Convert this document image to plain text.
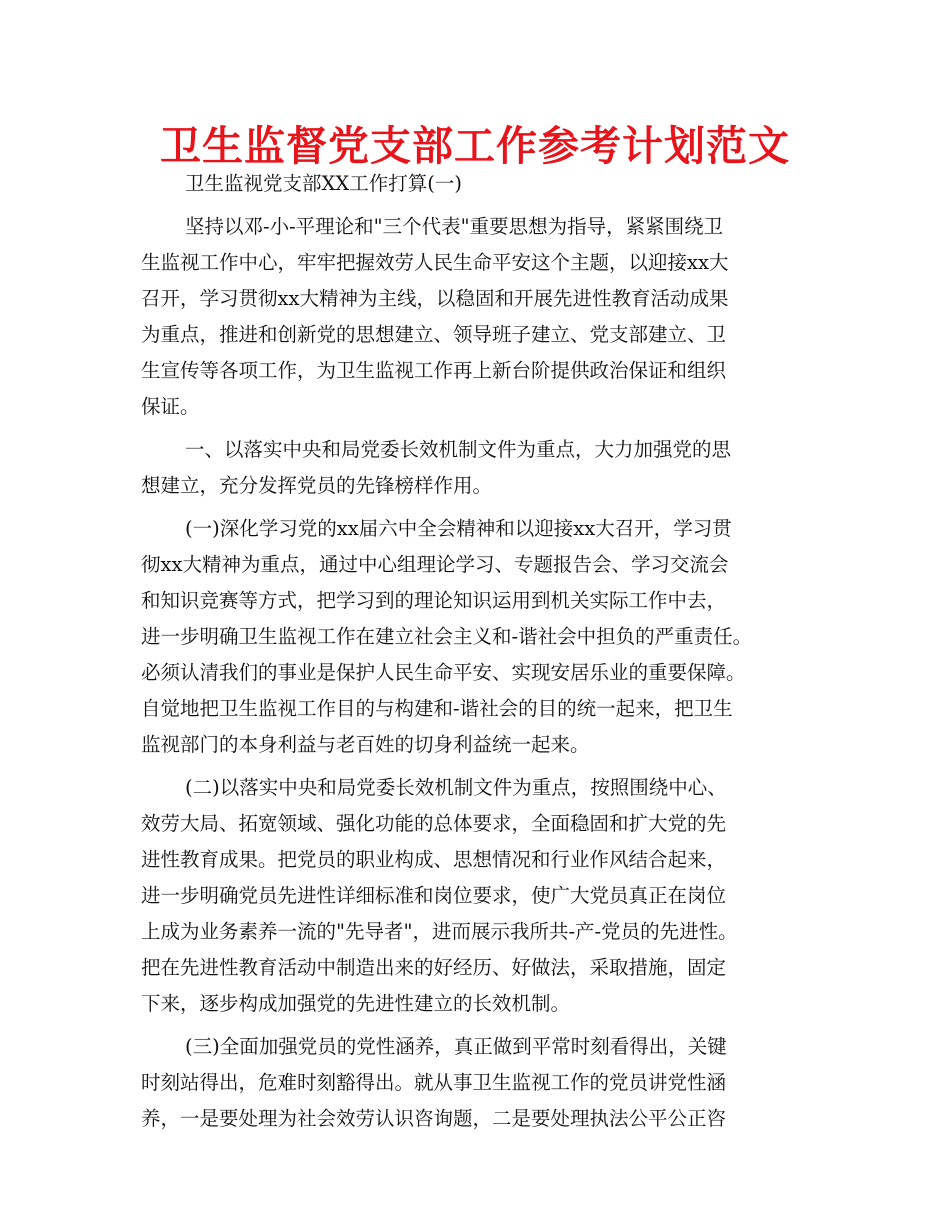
卫生监督党支部工作参考计划范文
卫生监视党支部XX工作打算(一)
坚持以邓-小-平理论和"三个代表"重要思想为指导，紧紧围绕卫
生监视工作中心，牢牢把握效劳人民生命平安这个主题，以迎接xx大
召开，学习贯彻xx大精神为主线，以稳固和开展先进性教育活动成果
为重点，推进和创新党的思想建立、领导班子建立、党支部建立、卫
生宣传等各项工作，为卫生监视工作再上新台阶提供政治保证和组织
保证。
一、以落实中央和局党委长效机制文件为重点，大力加强党的思
想建立，充分发挥党员的先锋榜样作用。
(一)深化学习党的xx届六中全会精神和以迎接xx大召开，学习贯
彻xx大精神为重点，通过中心组理论学习、专题报告会、学习交流会
和知识竞赛等方式，把学习到的理论知识运用到机关实际工作中去，
进一步明确卫生监视工作在建立社会主义和-谐社会中担负的严重责任。
必须认清我们的事业是保护人民生命平安、实现安居乐业的重要保障。
自觉地把卫生监视工作目的与构建和-谐社会的目的统一起来，把卫生
监视部门的本身利益与老百姓的切身利益统一起来。
(二)以落实中央和局党委长效机制文件为重点，按照围绕中心、
效劳大局、拓宽领域、强化功能的总体要求，全面稳固和扩大党的先
进性教育成果。把党员的职业构成、思想情况和行业作风结合起来，
进一步明确党员先进性详细标准和岗位要求，使广大党员真正在岗位
上成为业务素养一流的"先导者"，进而展示我所共-产-党员的先进性。
把在先进性教育活动中制造出来的好经历、好做法，采取措施，固定
下来，逐步构成加强党的先进性建立的长效机制。
(三)全面加强党员的党性涵养，真正做到平常时刻看得出，关键
时刻站得出，危难时刻豁得出。就从事卫生监视工作的党员讲党性涵
养，一是要处理为社会效劳认识咨询题，二是要处理执法公平公正咨
